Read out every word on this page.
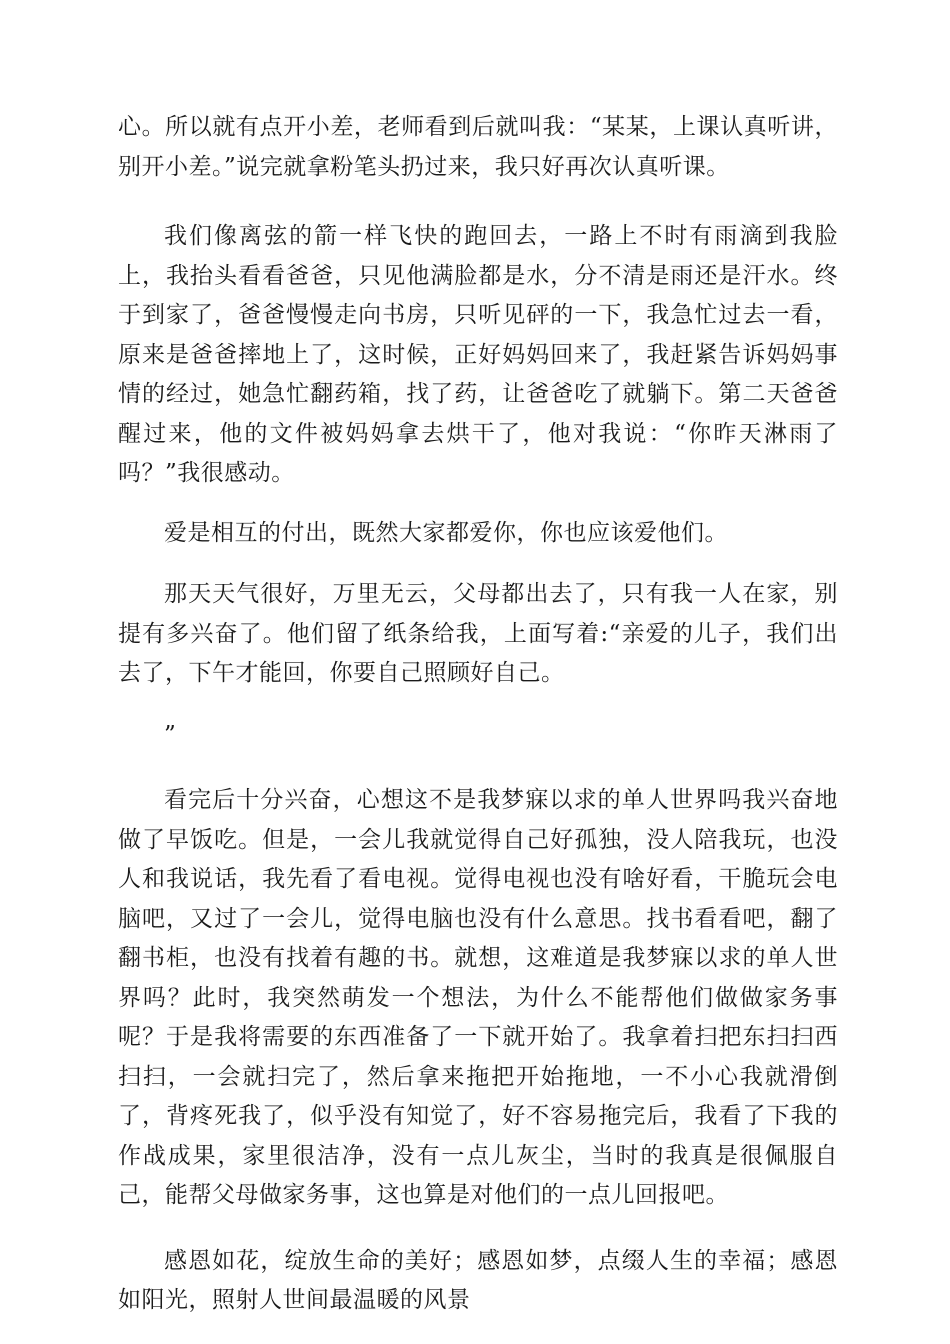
心。所以就有点开小差，老师看到后就叫我：“某某，上课认真听讲，别开小差。”说完就拿粉笔头扔过来，我只好再次认真听课。

我们像离弦的箭一样飞快的跑回去，一路上不时有雨滴到我脸上，我抬头看看爸爸，只见他满脸都是水，分不清是雨还是汗水。终于到家了，爸爸慢慢走向书房，只听见砰的一下，我急忙过去一看，原来是爸爸摔地上了，这时候，正好妈妈回来了，我赶紧告诉妈妈事情的经过，她急忙翻药箱，找了药，让爸爸吃了就躺下。第二天爸爸醒过来，他的文件被妈妈拿去烘干了，他对我说：“你昨天淋雨了吗？”我很感动。

爱是相互的付出，既然大家都爱你，你也应该爱他们。

那天天气很好，万里无云，父母都出去了，只有我一人在家，别提有多兴奋了。他们留了纸条给我，上面写着:“亲爱的儿子，我们出去了，下午才能回，你要自己照顾好自己。

”

看完后十分兴奋，心想这不是我梦寐以求的单人世界吗我兴奋地做了早饭吃。但是，一会儿我就觉得自己好孤独，没人陪我玩，也没人和我说话，我先看了看电视。觉得电视也没有啥好看，干脆玩会电脑吧，又过了一会儿，觉得电脑也没有什么意思。找书看看吧，翻了翻书柜，也没有找着有趣的书。就想，这难道是我梦寐以求的单人世界吗？此时，我突然萌发一个想法，为什么不能帮他们做做家务事呢？于是我将需要的东西准备了一下就开始了。我拿着扫把东扫扫西扫扫，一会就扫完了，然后拿来拖把开始拖地，一不小心我就滑倒了，背疼死我了，似乎没有知觉了，好不容易拖完后，我看了下我的作战成果，家里很洁净，没有一点儿灰尘，当时的我真是很佩服自己，能帮父母做家务事，这也算是对他们的一点儿回报吧。

感恩如花，绽放生命的美好；感恩如梦，点缀人生的幸福；感恩如阳光，照射人世间最温暖的风景
